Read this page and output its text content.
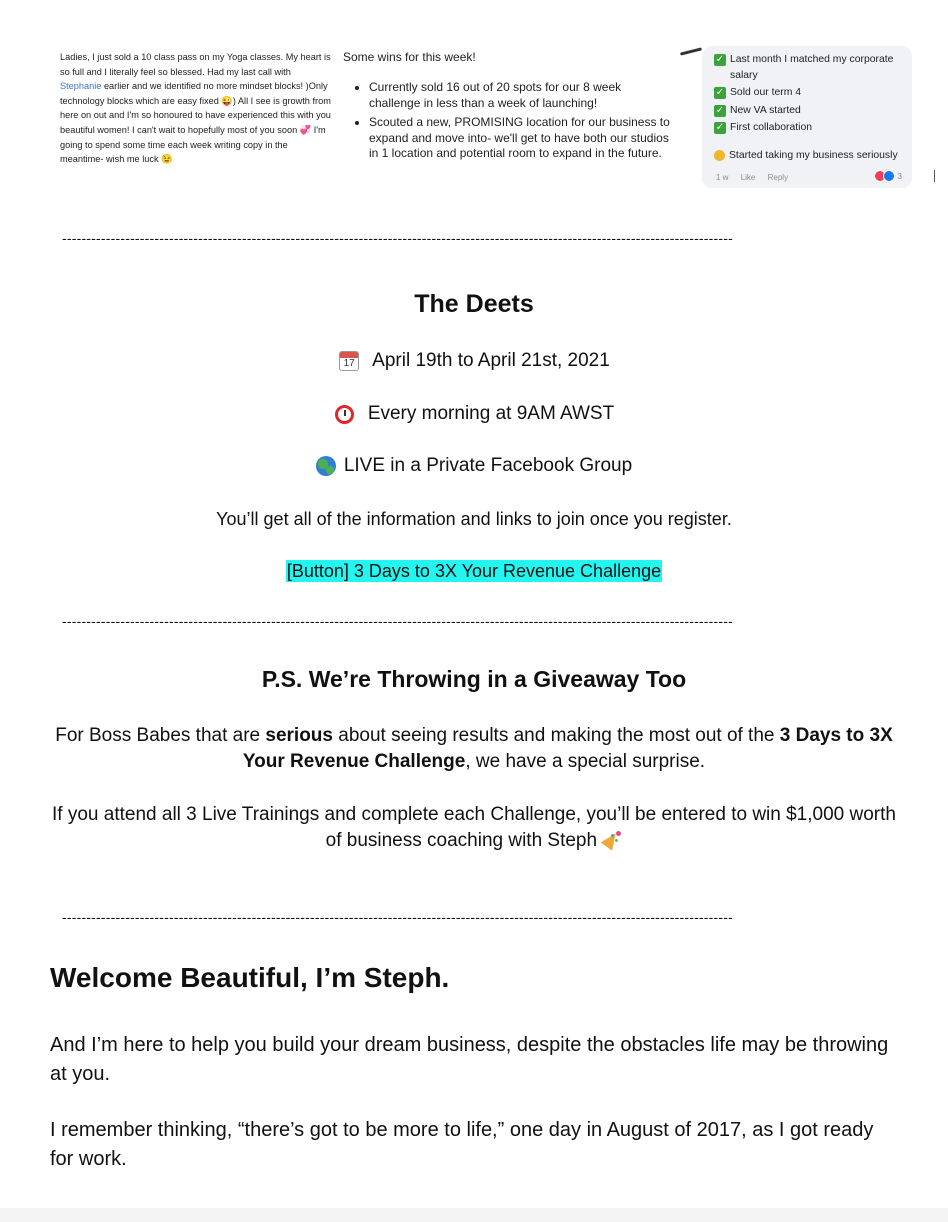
Ladies, I just sold a 10 class pass on my Yoga classes. My heart is so full and I literally feel so blessed. Had my last call with Stephanie earlier and we identified no more mindset blocks! )Only technology blocks which are easy fixed 😜) All I see is growth from here on out and I'm so honoured to have experienced this with you beautiful women! I can't wait to hopefully most of you soon 💞 I'm going to spend some time each week writing copy in the meantime- wish me luck 😉
Some wins for this week!
• Currently sold 16 out of 20 spots for our 8 week challenge in less than a week of launching!
• Scouted a new, PROMISING location for our business to expand and move into- we'll get to have both our studios in 1 location and potential room to expand in the future.
✓ Last month I matched my corporate salary
✓ Sold our term 4
✓ New VA started
✓ First collaboration
Started taking my business seriously
1 w Like Reply	3
------------------------------------------------------------------------------------------------------------------------------------------
The Deets
17 April 19th to April 21st, 2021
Every morning at 9AM AWST
LIVE in a Private Facebook Group
You’ll get all of the information and links to join once you register.
[Button] 3 Days to 3X Your Revenue Challenge
------------------------------------------------------------------------------------------------------------------------------------------
P.S. We’re Throwing in a Giveaway Too
For Boss Babes that are serious about seeing results and making the most out of the 3 Days to 3X Your Revenue Challenge, we have a special surprise.
If you attend all 3 Live Trainings and complete each Challenge, you’ll be entered to win $1,000 worth of business coaching with Steph
------------------------------------------------------------------------------------------------------------------------------------------
Welcome Beautiful, I’m Steph.
And I’m here to help you build your dream business, despite the obstacles life may be throwing at you.
I remember thinking, “there’s got to be more to life,” one day in August of 2017, as I got ready for work.
